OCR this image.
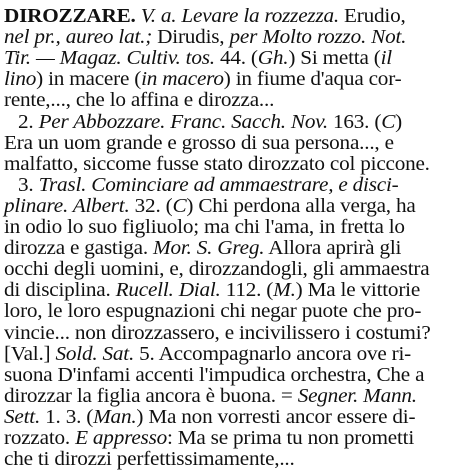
DIROZZARE. V. a. Levare la rozzezza. Erudio,
nel pr., aureo lat.; Dirudis, per Molto rozzo. Not.
Tir. — Magaz. Cultiv. tos. 44. (Gh.) Si metta (il
lino) in macere (in macero) in fiume d'aqua cor-
rente,..., che lo affina e dirozza...
2. Per Abbozzare. Franc. Sacch. Nov. 163. (C)
Era un uom grande e grosso di sua persona..., e
malfatto, siccome fusse stato dirozzato col piccone.
3. Trasl. Cominciare ad ammaestrare, e disci-
plinare. Albert. 32. (C) Chi perdona alla verga, ha
in odio lo suo figliuolo; ma chi l'ama, in fretta lo
dirozza e gastiga. Mor. S. Greg. Allora aprirà gli
occhi degli uomini, e, dirozzandogli, gli ammaestra
di disciplina. Rucell. Dial. 112. (M.) Ma le vittorie
loro, le loro espugnazioni chi negar puote che pro-
vincie... non dirozzassero, e incivilissero i costumi?
[Val.] Sold. Sat. 5. Accompagnarlo ancora ove ri-
suona D'infami accenti l'impudica orchestra, Che a
dirozzar la figlia ancora è buona. = Segner. Mann.
Sett. 1. 3. (Man.) Ma non vorresti ancor essere di-
rozzato. E appresso: Ma se prima tu non prometti
che ti dirozzi perfettissimamente,...
